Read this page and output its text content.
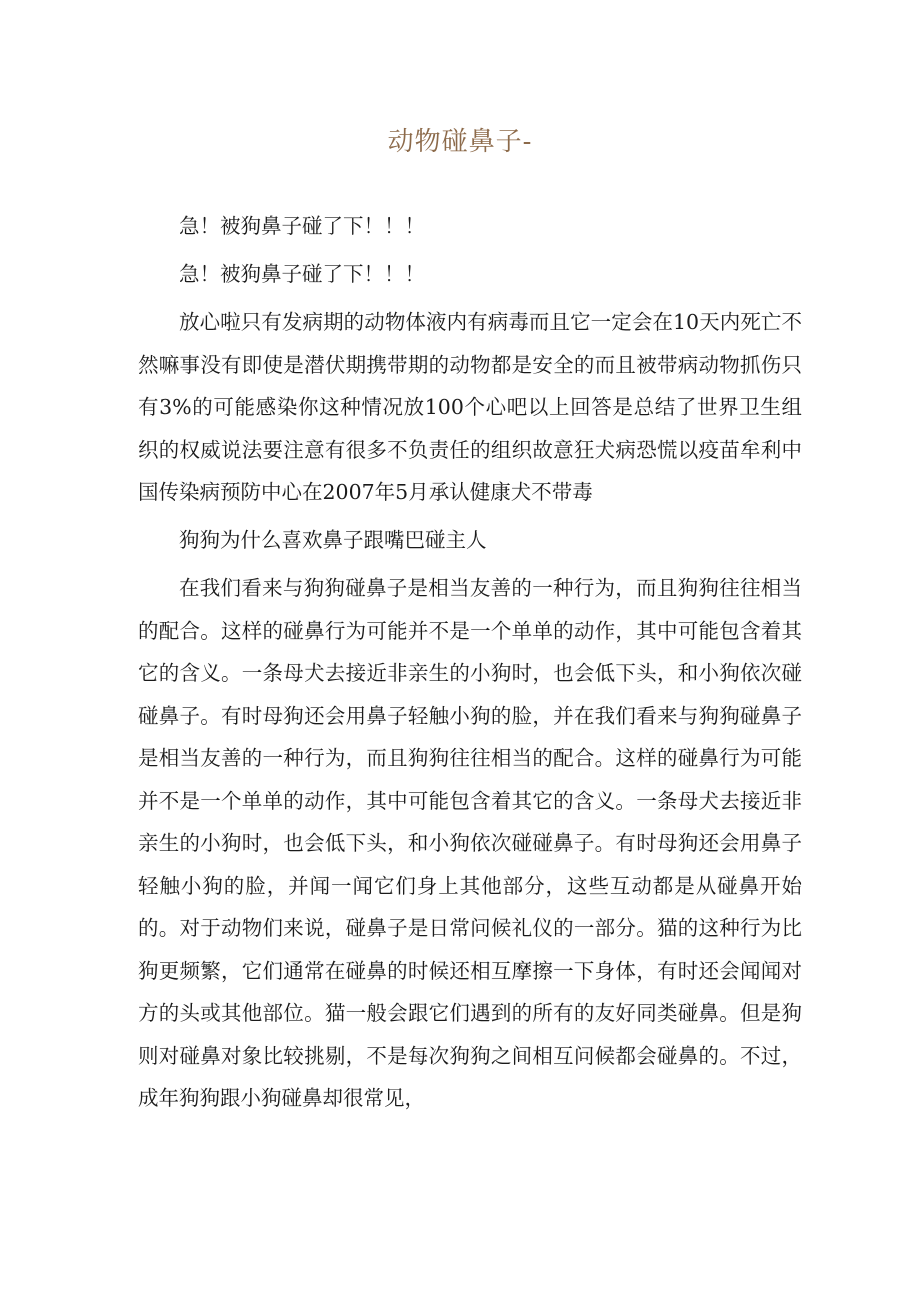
动物碰鼻子-

急！被狗鼻子碰了下！！！

急！被狗鼻子碰了下！！！

放心啦只有发病期的动物体液内有病毒而且它一定会在10天内死亡不然嘛事没有即使是潜伏期携带期的动物都是安全的而且被带病动物抓伤只有3%的可能感染你这种情况放100个心吧以上回答是总结了世界卫生组织的权威说法要注意有很多不负责任的组织故意狂犬病恐慌以疫苗牟利中国传染病预防中心在2007年5月承认健康犬不带毒

狗狗为什么喜欢鼻子跟嘴巴碰主人

在我们看来与狗狗碰鼻子是相当友善的一种行为，而且狗狗往往相当的配合。这样的碰鼻行为可能并不是一个单单的动作，其中可能包含着其它的含义。一条母犬去接近非亲生的小狗时，也会低下头，和小狗依次碰碰鼻子。有时母狗还会用鼻子轻触小狗的脸，并在我们看来与狗狗碰鼻子是相当友善的一种行为，而且狗狗往往相当的配合。这样的碰鼻行为可能并不是一个单单的动作，其中可能包含着其它的含义。一条母犬去接近非亲生的小狗时，也会低下头，和小狗依次碰碰鼻子。有时母狗还会用鼻子轻触小狗的脸，并闻一闻它们身上其他部分，这些互动都是从碰鼻开始的。对于动物们来说，碰鼻子是日常问候礼仪的一部分。猫的这种行为比狗更频繁，它们通常在碰鼻的时候还相互摩擦一下身体，有时还会闻闻对方的头或其他部位。猫一般会跟它们遇到的所有的友好同类碰鼻。但是狗则对碰鼻对象比较挑剔，不是每次狗狗之间相互问候都会碰鼻的。不过，成年狗狗跟小狗碰鼻却很常见，
